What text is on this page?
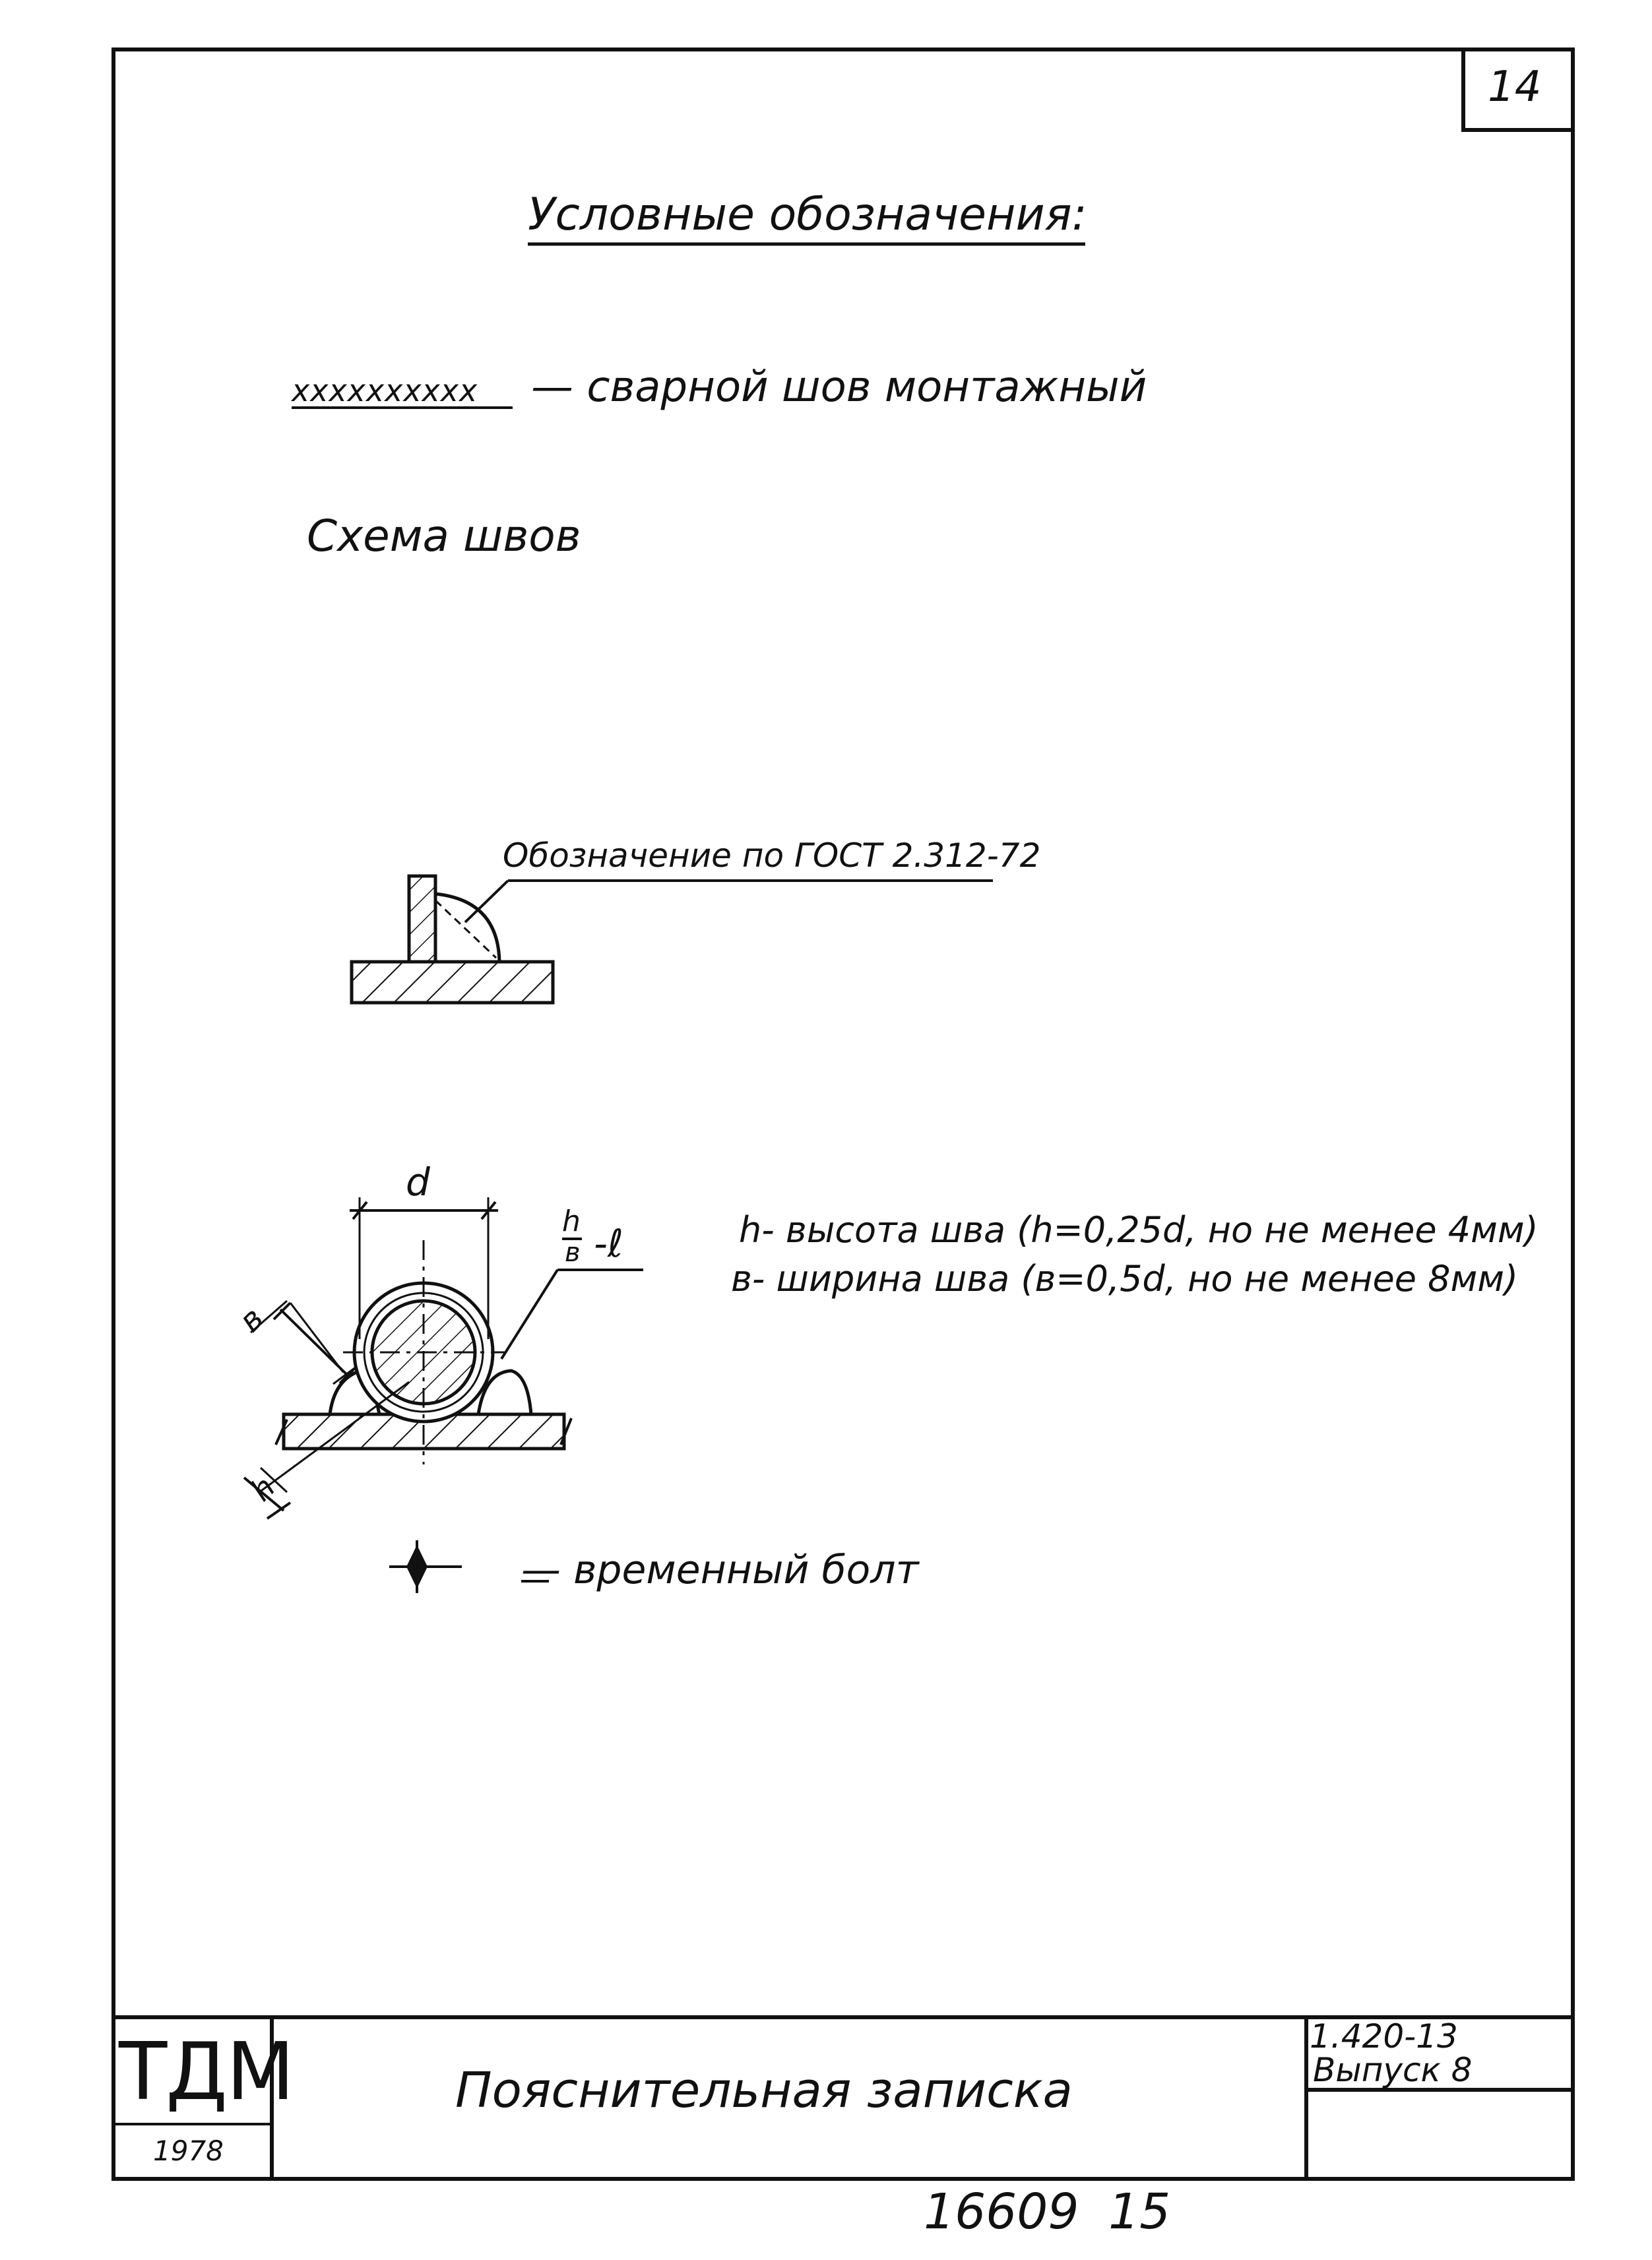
xxxxxxxxxx
d
в
h
h
в -ℓ
14
Условные обозначения:
— сварной шов монтажный
Схема швов
Обозначение по ГОСТ 2.312-72
h- высота шва (h=0,25d, но не менее 4мм)
в- ширина шва (в=0,5d, но не менее 8мм)
— временный болт
ТДМ
1978
Пояснительная записка
1.420-13
Выпуск 8
16609 15
